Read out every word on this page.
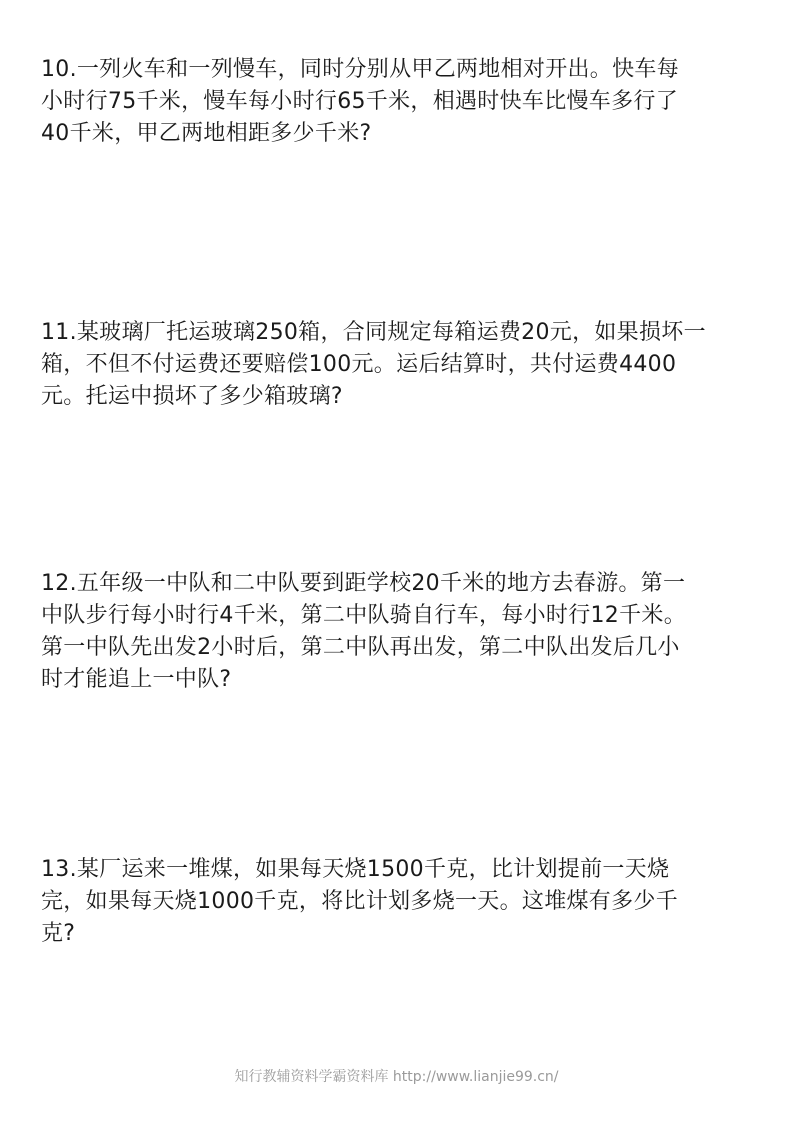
10.一列火车和一列慢车，同时分别从甲乙两地相对开出。快车每
小时行75千米，慢车每小时行65千米，相遇时快车比慢车多行了
40千米，甲乙两地相距多少千米?
11.某玻璃厂托运玻璃250箱，合同规定每箱运费20元，如果损坏一
箱，不但不付运费还要赔偿100元。运后结算时，共付运费4400
元。托运中损坏了多少箱玻璃?
12.五年级一中队和二中队要到距学校20千米的地方去春游。第一
中队步行每小时行4千米，第二中队骑自行车，每小时行12千米。
第一中队先出发2小时后，第二中队再出发，第二中队出发后几小
时才能追上一中队?
13.某厂运来一堆煤，如果每天烧1500千克，比计划提前一天烧
完，如果每天烧1000千克，将比计划多烧一天。这堆煤有多少千
克?
知行教辅资料学霸资料库 http://www.lianjie99.cn/
